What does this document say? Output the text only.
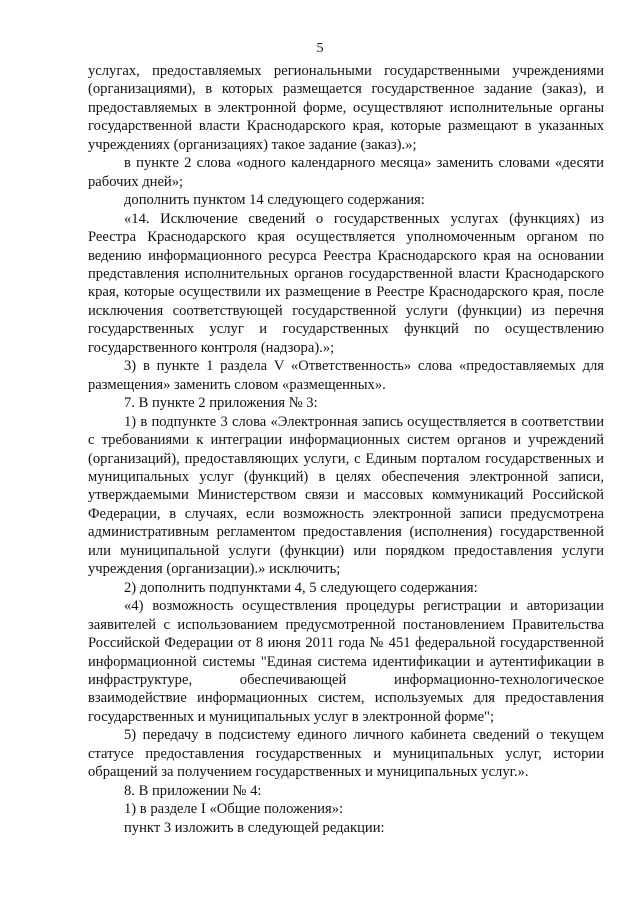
5

услугах, предоставляемых региональными государственными учреждениями (организациями), в которых размещается государственное задание (заказ), и предоставляемых в электронной форме, осуществляют исполнительные органы государственной власти Краснодарского края, которые размещают в указанных учреждениях (организациях) такое задание (заказ).»;

в пункте 2 слова «одного календарного месяца» заменить словами «десяти рабочих дней»;

дополнить пунктом 14 следующего содержания:

«14. Исключение сведений о государственных услугах (функциях) из Реестра Краснодарского края осуществляется уполномоченным органом по ведению информационного ресурса Реестра Краснодарского края на основании представления исполнительных органов государственной власти Краснодарского края, которые осуществили их размещение в Реестре Краснодарского края, после исключения соответствующей государственной услуги (функции) из перечня государственных услуг и государственных функций по осуществлению государственного контроля (надзора).»;

3) в пункте 1 раздела V «Ответственность» слова «предоставляемых для размещения» заменить словом «размещенных».

7. В пункте 2 приложения № 3:

1) в подпункте 3 слова «Электронная запись осуществляется в соответствии с требованиями к интеграции информационных систем органов и учреждений (организаций), предоставляющих услуги, с Единым порталом государственных и муниципальных услуг (функций) в целях обеспечения электронной записи, утверждаемыми Министерством связи и массовых коммуникаций Российской Федерации, в случаях, если возможность электронной записи предусмотрена административным регламентом предоставления (исполнения) государственной или муниципальной услуги (функции) или порядком предоставления услуги учреждения (организации).» исключить;

2) дополнить подпунктами 4, 5 следующего содержания:

«4) возможность осуществления процедуры регистрации и авторизации заявителей с использованием предусмотренной постановлением Правительства Российской Федерации от 8 июня 2011 года № 451 федеральной государственной информационной системы "Единая система идентификации и аутентификации в инфраструктуре, обеспечивающей информационно-технологическое взаимодействие информационных систем, используемых для предоставления государственных и муниципальных услуг в электронной форме";

5) передачу в подсистему единого личного кабинета сведений о текущем статусе предоставления государственных и муниципальных услуг, истории обращений за получением государственных и муниципальных услуг.».

8. В приложении № 4:

1) в разделе I «Общие положения»:

пункт 3 изложить в следующей редакции:
